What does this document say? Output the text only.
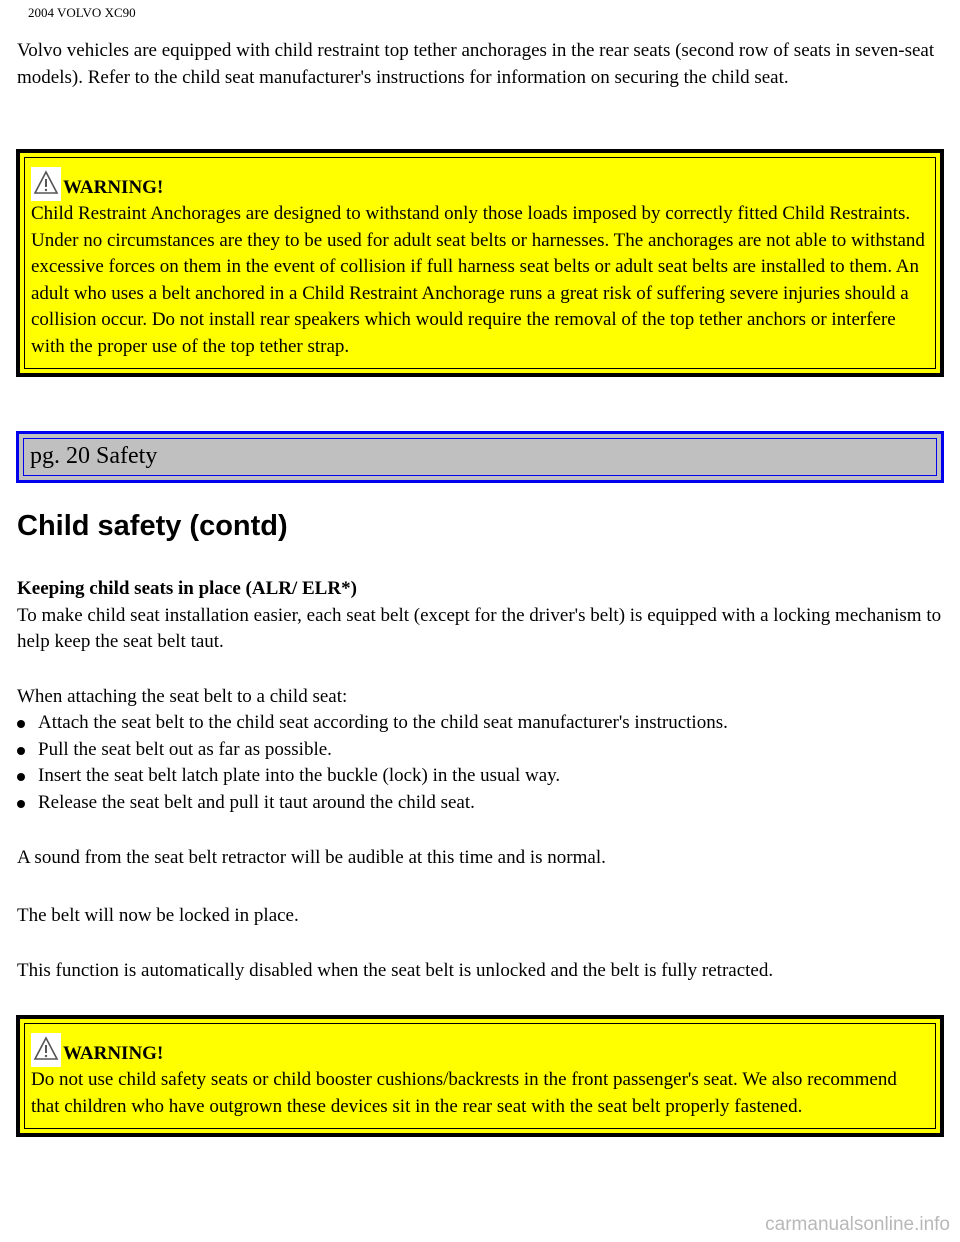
2004 VOLVO XC90

Volvo vehicles are equipped with child restraint top tether anchorages in the rear seats (second row of seats in seven-seat models). Refer to the child seat manufacturer's instructions for information on securing the child seat.

WARNING!
Child Restraint Anchorages are designed to withstand only those loads imposed by correctly fitted Child Restraints. Under no circumstances are they to be used for adult seat belts or harnesses. The anchorages are not able to withstand excessive forces on them in the event of collision if full harness seat belts or adult seat belts are installed to them. An adult who uses a belt anchored in a Child Restraint Anchorage runs a great risk of suffering severe injuries should a collision occur. Do not install rear speakers which would require the removal of the top tether anchors or interfere with the proper use of the top tether strap.
pg. 20 Safety
Child safety (contd)
Keeping child seats in place (ALR/ ELR*)
To make child seat installation easier, each seat belt (except for the driver's belt) is equipped with a locking mechanism to help keep the seat belt taut.

When attaching the seat belt to a child seat:

Attach the seat belt to the child seat according to the child seat manufacturer's instructions.
Pull the seat belt out as far as possible.
Insert the seat belt latch plate into the buckle (lock) in the usual way.
Release the seat belt and pull it taut around the child seat.

A sound from the seat belt retractor will be audible at this time and is normal.

The belt will now be locked in place.

This function is automatically disabled when the seat belt is unlocked and the belt is fully retracted.

WARNING!
Do not use child safety seats or child booster cushions/backrests in the front passenger's seat. We also recommend that children who have outgrown these devices sit in the rear seat with the seat belt properly fastened.
carmanualsonline.info
